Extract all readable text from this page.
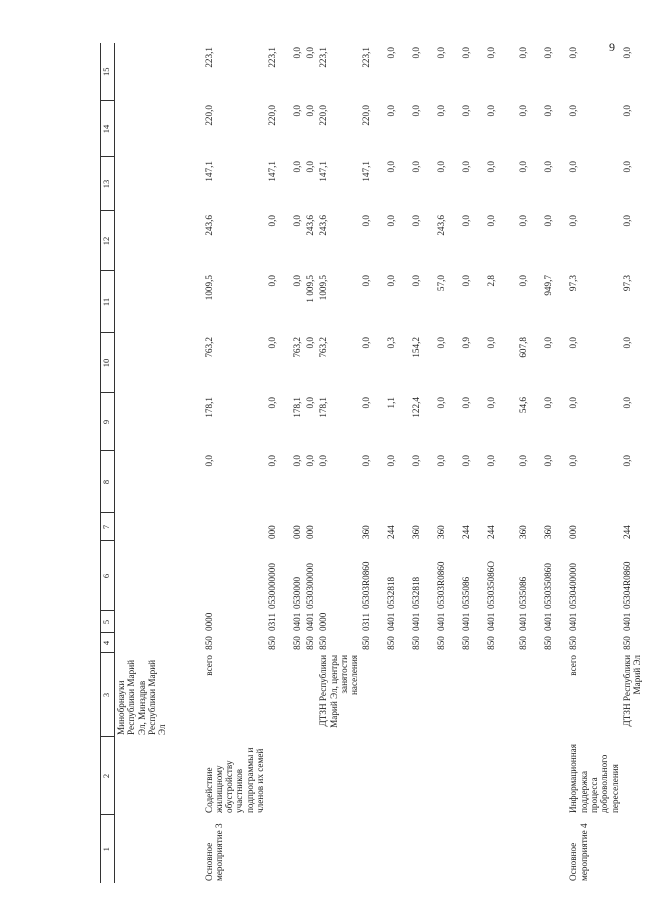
9
1	2	3	4	5	6	7	8	9	10	11	12	13	14	15
		Минобрнауки Республики Марий Эл, Минздрав Республики Марий Эл												
Основное мероприятие 3	Содействие жилищному обустройству участников подпрограммы и членов их семей	всего	850	0000			0,0	178,1	763,2	1009,5	243,6	147,1	220,0	223,1
			850	0311	0530000000	000	0,0	0,0	0,0	0,0	0,0	147,1	220,0	223,1
			850	0401	0530000	000	0,0	178,1	763,2	0,0	0,0	0,0	0,0	0,0
			850	0401	0530300000	000	0,0	0,0	0,0	1 009,5	243,6	0,0	0,0	0,0
		ДТЗН Республики Марий Эл, центры занятости населения	850	0000			0,0	178,1	763,2	1009,5	243,6	147,1	220,0	223,1
			850	0311	05303R0860	360	0,0	0,0	0,0	0,0	0,0	147,1	220,0	223,1
			850	0401	0532818	244	0,0	1,1	0,3	0,0	0,0	0,0	0,0	0,0
			850	0401	0532818	360	0,0	122,4	154,2	0,0	0,0	0,0	0,0	0,0
			850	0401	05303R0860	360	0,0	0,0	0,0	57,0	243,6	0,0	0,0	0,0
			850	0401	0535086	244	0,0	0,0	0,9	0,0	0,0	0,0	0,0	0,0
			850	0401	053035086О	244	0,0	0,0	0,0	2,8	0,0	0,0	0,0	0,0
			850	0401	0535086	360	0,0	54,6	607,8	0,0	0,0	0,0	0,0	0,0
			850	0401	0530350860	360	0,0	0,0	0,0	949,7	0,0	0,0	0,0	0,0
Основное мероприятие 4	Информационная поддержка процесса добровольного переселения	всего	850	0401	0530400000	000	0,0	0,0	0,0	97,3	0,0	0,0	0,0	0,0
		ДТЗН Республики Марий Эл	850	0401	05304R0860	244	0,0	0,0	0,0	97,3	0,0	0,0	0,0	0,0
